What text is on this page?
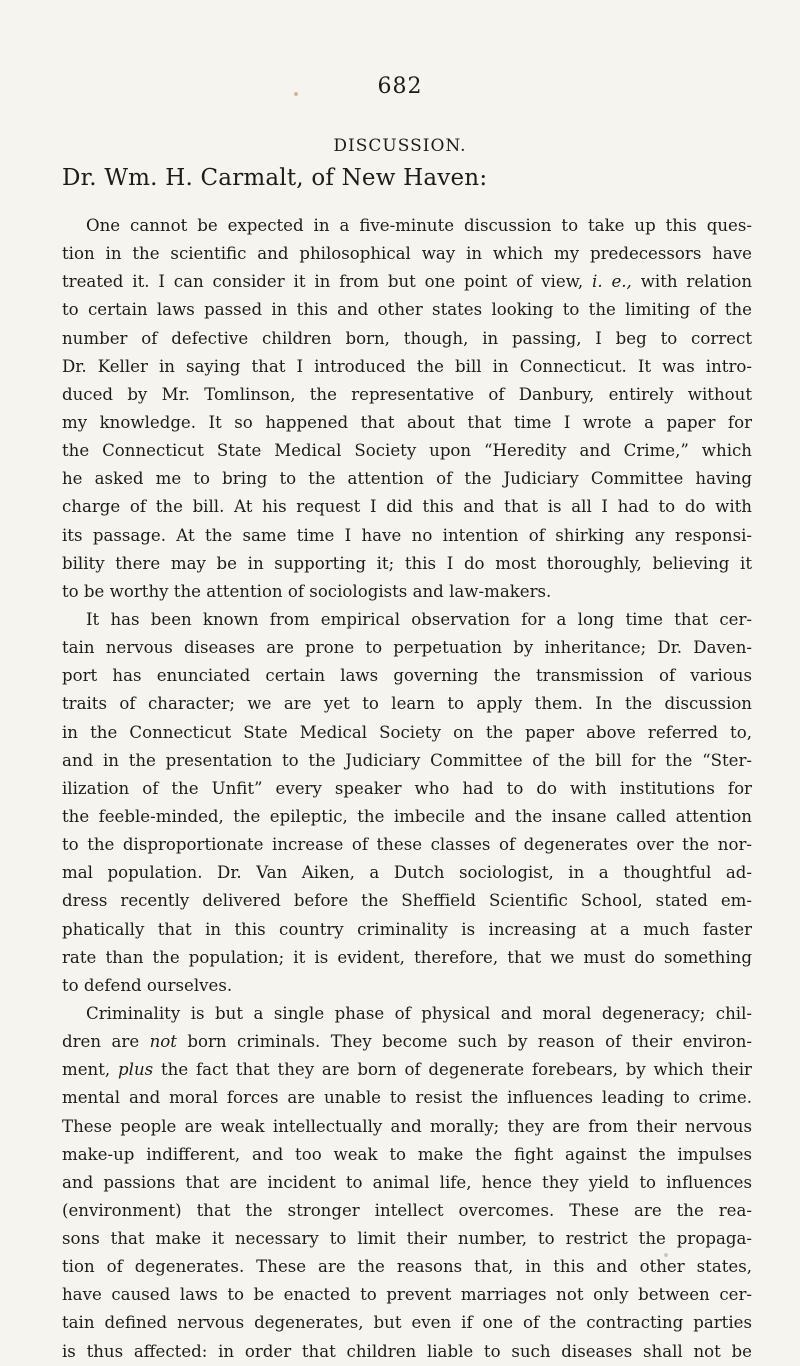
682
DISCUSSION.
Dr. Wm. H. Carmalt, of New Haven:
One cannot be expected in a five-minute discussion to take up this ques-
tion in the scientific and philosophical way in which my predecessors have
treated it. I can consider it in from but one point of view, i. e., with relation
to certain laws passed in this and other states looking to the limiting of the
number of defective children born, though, in passing, I beg to correct
Dr. Keller in saying that I introduced the bill in Connecticut. It was intro-
duced by Mr. Tomlinson, the representative of Danbury, entirely without
my knowledge. It so happened that about that time I wrote a paper for
the Connecticut State Medical Society upon “Heredity and Crime,” which
he asked me to bring to the attention of the Judiciary Committee having
charge of the bill. At his request I did this and that is all I had to do with
its passage. At the same time I have no intention of shirking any responsi-
bility there may be in supporting it; this I do most thoroughly, believing it
to be worthy the attention of sociologists and law-makers.
It has been known from empirical observation for a long time that cer-
tain nervous diseases are prone to perpetuation by inheritance; Dr. Daven-
port has enunciated certain laws governing the transmission of various
traits of character; we are yet to learn to apply them. In the discussion
in the Connecticut State Medical Society on the paper above referred to,
and in the presentation to the Judiciary Committee of the bill for the “Ster-
ilization of the Unfit” every speaker who had to do with institutions for
the feeble-minded, the epileptic, the imbecile and the insane called attention
to the disproportionate increase of these classes of degenerates over the nor-
mal population. Dr. Van Aiken, a Dutch sociologist, in a thoughtful ad-
dress recently delivered before the Sheffield Scientific School, stated em-
phatically that in this country criminality is increasing at a much faster
rate than the population; it is evident, therefore, that we must do something
to defend ourselves.
Criminality is but a single phase of physical and moral degeneracy; chil-
dren are not born criminals. They become such by reason of their environ-
ment, plus the fact that they are born of degenerate forebears, by which their
mental and moral forces are unable to resist the influences leading to crime.
These people are weak intellectually and morally; they are from their nervous
make-up indifferent, and too weak to make the fight against the impulses
and passions that are incident to animal life, hence they yield to influences
(environment) that the stronger intellect overcomes. These are the rea-
sons that make it necessary to limit their number, to restrict the propaga-
tion of degenerates. These are the reasons that, in this and other states,
have caused laws to be enacted to prevent marriages not only between cer-
tain defined nervous degenerates, but even if one of the contracting parties
is thus affected: in order that children liable to such diseases shall not be
